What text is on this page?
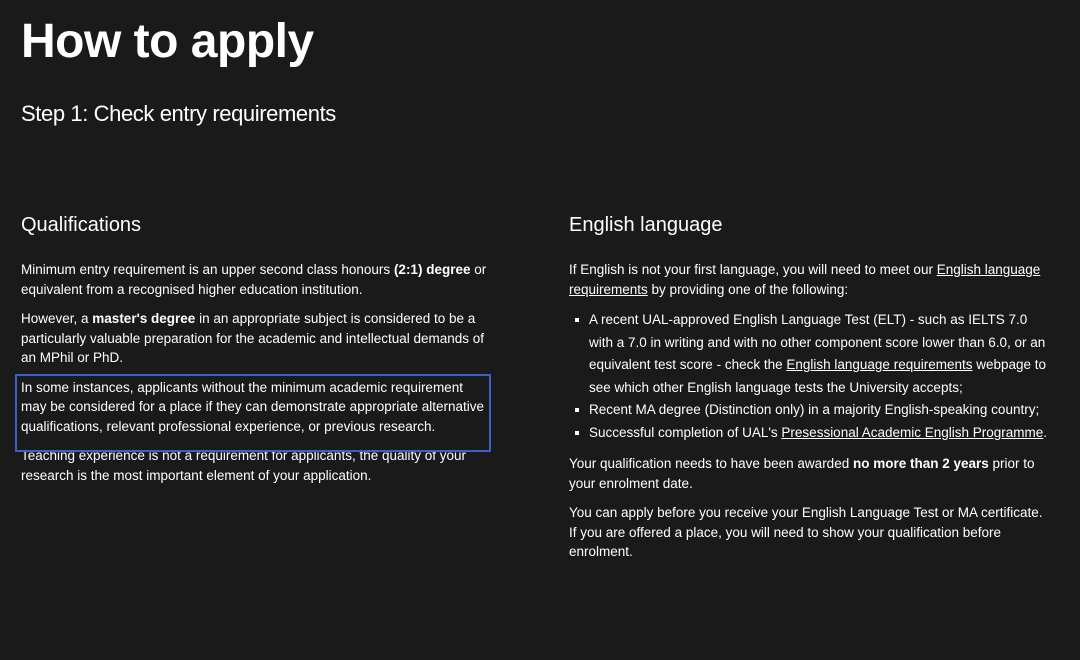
How to apply
Step 1: Check entry requirements
Qualifications

Minimum entry requirement is an upper second class honours (2:1) degree or equivalent from a recognised higher education institution.

However, a master's degree in an appropriate subject is considered to be a particularly valuable preparation for the academic and intellectual demands of an MPhil or PhD.

In some instances, applicants without the minimum academic requirement may be considered for a place if they can demonstrate appropriate alternative qualifications, relevant professional experience, or previous research.

Teaching experience is not a requirement for applicants, the quality of your research is the most important element of your application.

English language

If English is not your first language, you will need to meet our English language requirements by providing one of the following:

A recent UAL-approved English Language Test (ELT) - such as IELTS 7.0 with a 7.0 in writing and with no other component score lower than 6.0, or an equivalent test score - check the English language requirements webpage to see which other English language tests the University accepts;
Recent MA degree (Distinction only) in a majority English-speaking country;
Successful completion of UAL's Presessional Academic English Programme.

Your qualification needs to have been awarded no more than 2 years prior to your enrolment date.

You can apply before you receive your English Language Test or MA certificate. If you are offered a place, you will need to show your qualification before enrolment.
